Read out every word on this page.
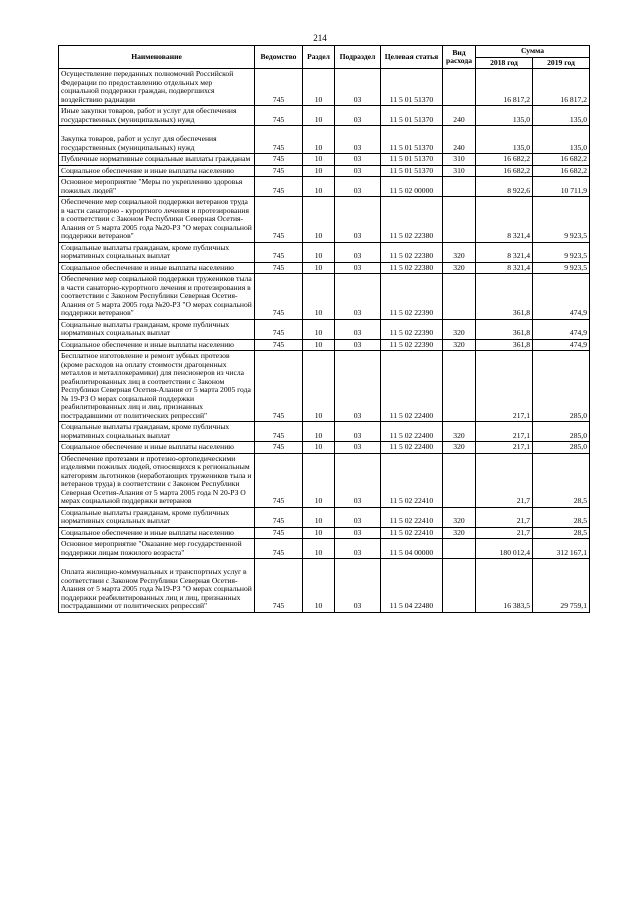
214
Наименование	Ведомство	Раздел	Подраздел	Целевая статья	Вид расхода	Сумма	
						2018 год	2019 год
Осуществление переданных полномочий Российской Федерации по предоставлению отдельных мер социальной поддержки граждан, подвергшихся воздействию радиации	745	10	03	11 5 01 51370		16 817,2	16 817,2
Иные закупки товаров, работ и услуг для обеспечения государственных (муниципальных) нужд	745	10	03	11 5 01 51370	240	135,0	135,0

Закупка товаров, работ и услуг для обеспечения государственных (муниципальных) нужд	745	10	03	11 5 01 51370	240	135,0	135,0
Публичные нормативные социальные выплаты гражданам	745	10	03	11 5 01 51370	310	16 682,2	16 682,2
Социальное обеспечение и иные выплаты населению	745	10	03	11 5 01 51370	310	16 682,2	16 682,2
Основное мероприятие "Меры по укреплению здоровья пожилых людей"	745	10	03	11 5 02 00000		8 922,6	10 711,9
Обеспечение мер социальной поддержки ветеранов труда в части санаторно - курортного лечения и протезирования в соответствии с Законом Республики Северная Осетия-Алания от 5 марта 2005 года №20-РЗ "О мерах социальной поддержки ветеранов"	745	10	03	11 5 02 22380		8 321,4	9 923,5
Социальные выплаты гражданам, кроме публичных нормативных социальных выплат	745	10	03	11 5 02 22380	320	8 321,4	9 923,5
Социальное обеспечение и иные выплаты населению	745	10	03	11 5 02 22380	320	8 321,4	9 923,5
Обеспечение мер социальной поддержки тружеников тыла в части санаторно-курортного лечения и протезирования в соответствии с Законом Республики Северная Осетия-Алания от 5 марта 2005 года №20-РЗ "О мерах социальной поддержки ветеранов"	745	10	03	11 5 02 22390		361,8	474,9
Социальные выплаты гражданам, кроме публичных нормативных социальных выплат	745	10	03	11 5 02 22390	320	361,8	474,9
Социальное обеспечение и иные выплаты населению	745	10	03	11 5 02 22390	320	361,8	474,9
Бесплатное изготовление и ремонт зубных протезов (кроме расходов на оплату стоимости драгоценных металлов и металлокерамики) для пенсионеров из числа реабилитированных лиц в соответствии с Законом Республики Северная Осетия-Алания от 5 марта 2005 года № 19-РЗ О мерах социальной поддержки реабилитированных лиц и лиц, признанных пострадавшими от политических репрессий"	745	10	03	11 5 02 22400		217,1	285,0
Социальные выплаты гражданам, кроме публичных нормативных социальных выплат	745	10	03	11 5 02 22400	320	217,1	285,0
Социальное обеспечение и иные выплаты населению	745	10	03	11 5 02 22400	320	217,1	285,0
Обеспечение протезами и протезно-ортопедическими изделиями пожилых людей, относящихся к региональным категориям льготников (неработающих тружеников тыла и ветеранов труда) в соответствии с Законом Республики Северная Осетия-Алания от 5 марта 2005 года N 20-РЗ О мерах социальной поддержки ветеранов	745	10	03	11 5 02 22410		21,7	28,5
Социальные выплаты гражданам, кроме публичных нормативных социальных выплат	745	10	03	11 5 02 22410	320	21,7	28,5
Социальное обеспечение и иные выплаты населению	745	10	03	11 5 02 22410	320	21,7	28,5
Основное мероприятие "Оказание мер государственной поддержки лицам пожилого возраста"	745	10	03	11 5 04 00000		180 012,4	312 167,1

Оплата жилищно-коммунальных и транспортных услуг в соответствии с Законом Республики Северная Осетия-Алания от 5 марта 2005 года №19-РЗ "О мерах социальной поддержки реабилитированных лиц и лиц, признанных пострадавшими от политических репрессий"	745	10	03	11 5 04 22480		16 383,5	29 759,1
